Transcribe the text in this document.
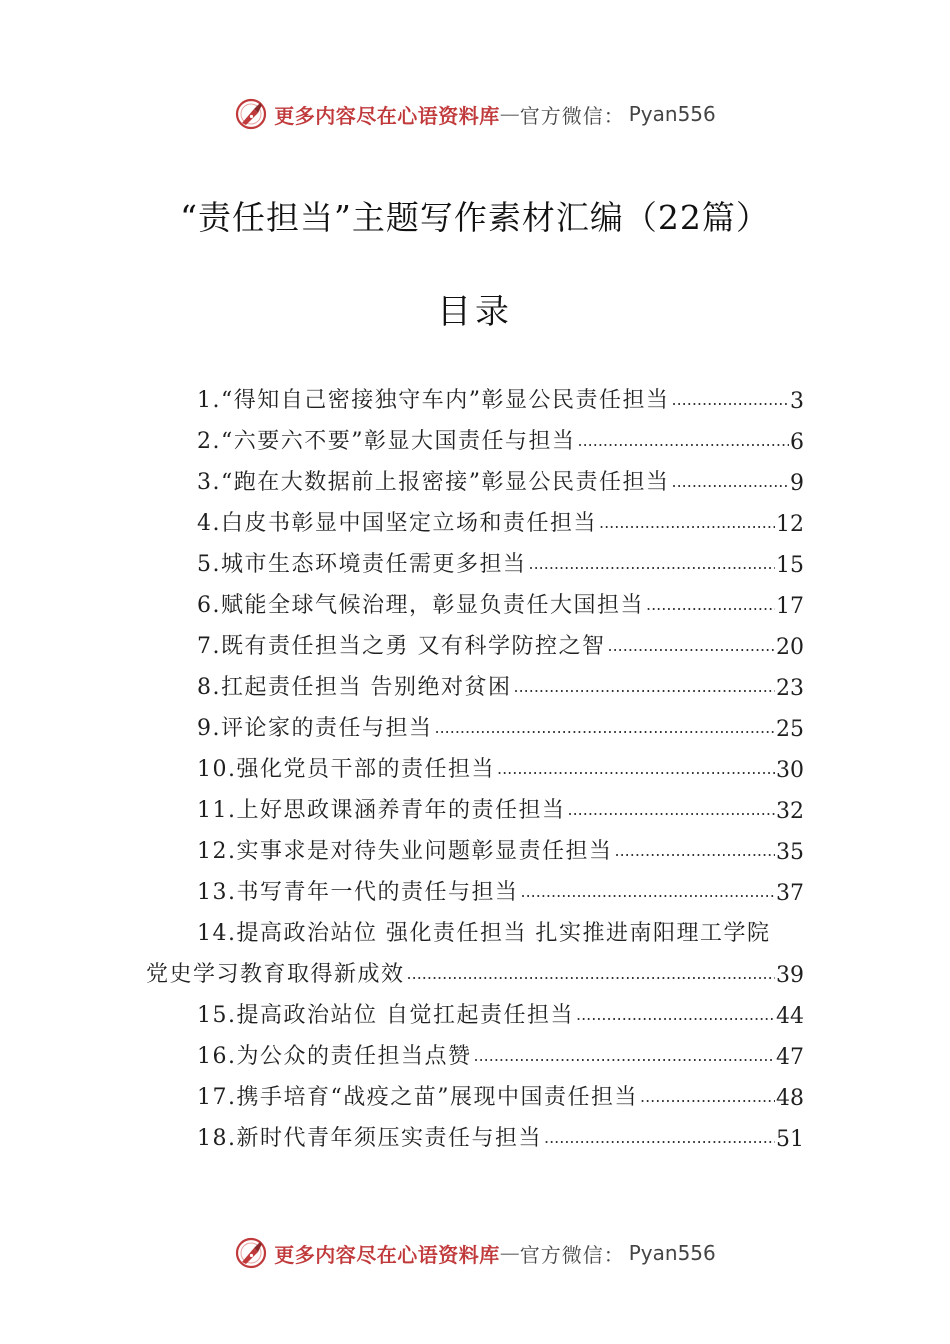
更多内容尽在心语资料库 — 官方微信： Pyan556
“责任担当”主题写作素材汇编（22篇）
目录
1.“得知自己密接独守车内”彰显公民责任担当 .....	3
2.“六要六不要”彰显大国责任与担当 .....	6
3.“跑在大数据前上报密接”彰显公民责任担当 .....	9
4.白皮书彰显中国坚定立场和责任担当 .....	12
5.城市生态环境责任需更多担当 .....	15
6.赋能全球气候治理，彰显负责任大国担当 .....	17
7.既有责任担当之勇 又有科学防控之智 .....	20
8.扛起责任担当 告别绝对贫困 .....	23
9.评论家的责任与担当 .....	25
10.强化党员干部的责任担当 .....	30
11.上好思政课涵养青年的责任担当 .....	32
12.实事求是对待失业问题彰显责任担当 .....	35
13.书写青年一代的责任与担当 .....	37
14.提高政治站位 强化责任担当 扎实推进南阳理工学院
党史学习教育取得新成效 .....	39
15.提高政治站位 自觉扛起责任担当 .....	44
16.为公众的责任担当点赞 .....	47
17.携手培育“战疫之苗”展现中国责任担当 .....	48
18.新时代青年须压实责任与担当 .....	51
更多内容尽在心语资料库 — 官方微信： Pyan556
